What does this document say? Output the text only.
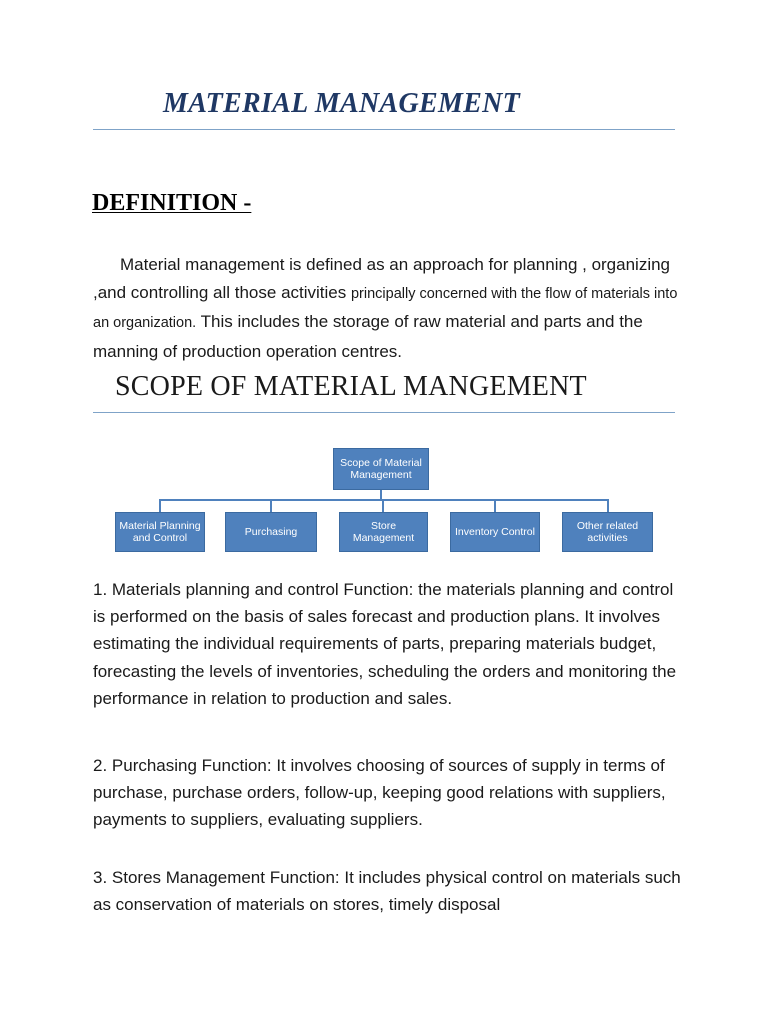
MATERIAL MANAGEMENT
DEFINITION -

Material management is defined as an approach for planning , organizing ,and controlling all those activities principally concerned with the flow of materials into an organization. This includes the storage of raw material and parts and the manning of production operation centres.

SCOPE OF MATERIAL MANGEMENT
Scope of Material Management
Material Planning and Control
Purchasing
Store Management
Inventory Control
Other related activities

1. Materials planning and control Function: the materials planning and control is performed on the basis of sales forecast and production plans. It involves estimating the individual requirements of parts, preparing materials budget, forecasting the levels of inventories, scheduling the orders and monitoring the performance in relation to production and sales.

2. Purchasing Function: It involves choosing of sources of supply in terms of purchase, purchase orders, follow-up, keeping good relations with suppliers, payments to suppliers, evaluating suppliers.

3. Stores Management Function: It includes physical control on materials such as conservation of materials on stores, timely disposal
